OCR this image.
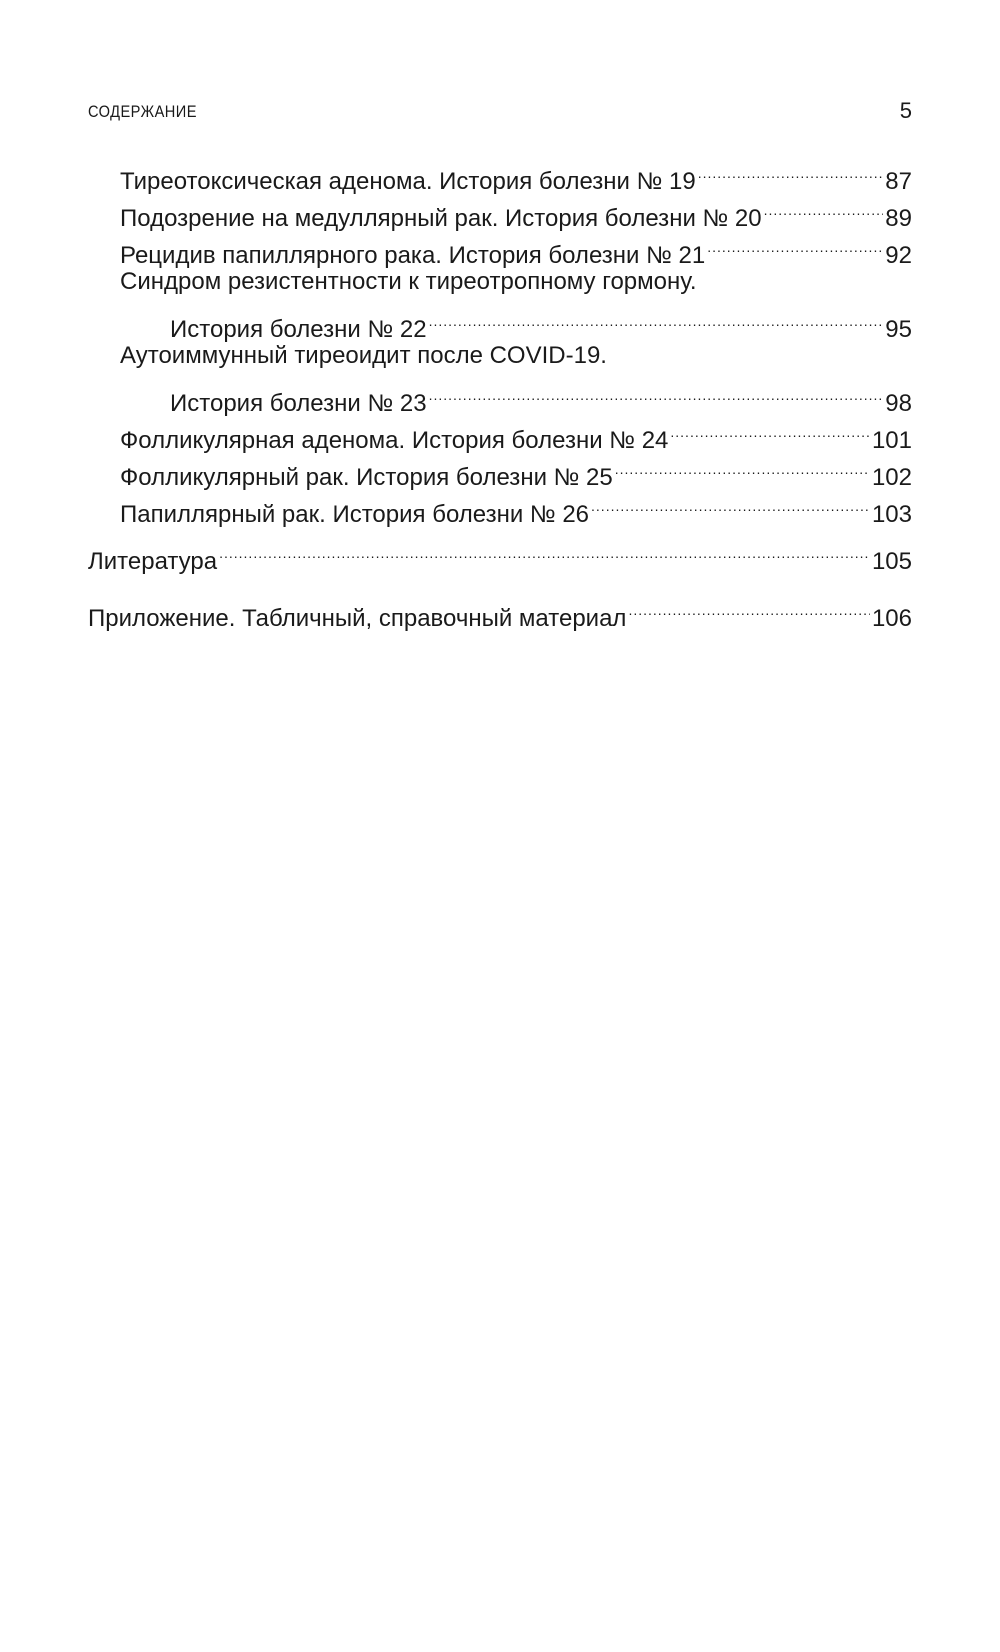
СОДЕРЖАНИЕ	5
Тиреотоксическая аденома. История болезни № 19 .....	87
Подозрение на медуллярный рак. История болезни № 20 .....	89
Рецидив папиллярного рака. История болезни № 21 .....	92
Синдром резистентности к тиреотропному гормону.
История болезни № 22 .....	95
Аутоиммунный тиреоидит после COVID-19.
История болезни № 23 .....	98
Фолликулярная аденома. История болезни № 24 .....	101
Фолликулярный рак. История болезни № 25 .....	102
Папиллярный рак. История болезни № 26 .....	103
Литература .....	105
Приложение. Табличный, справочный материал .....	106
